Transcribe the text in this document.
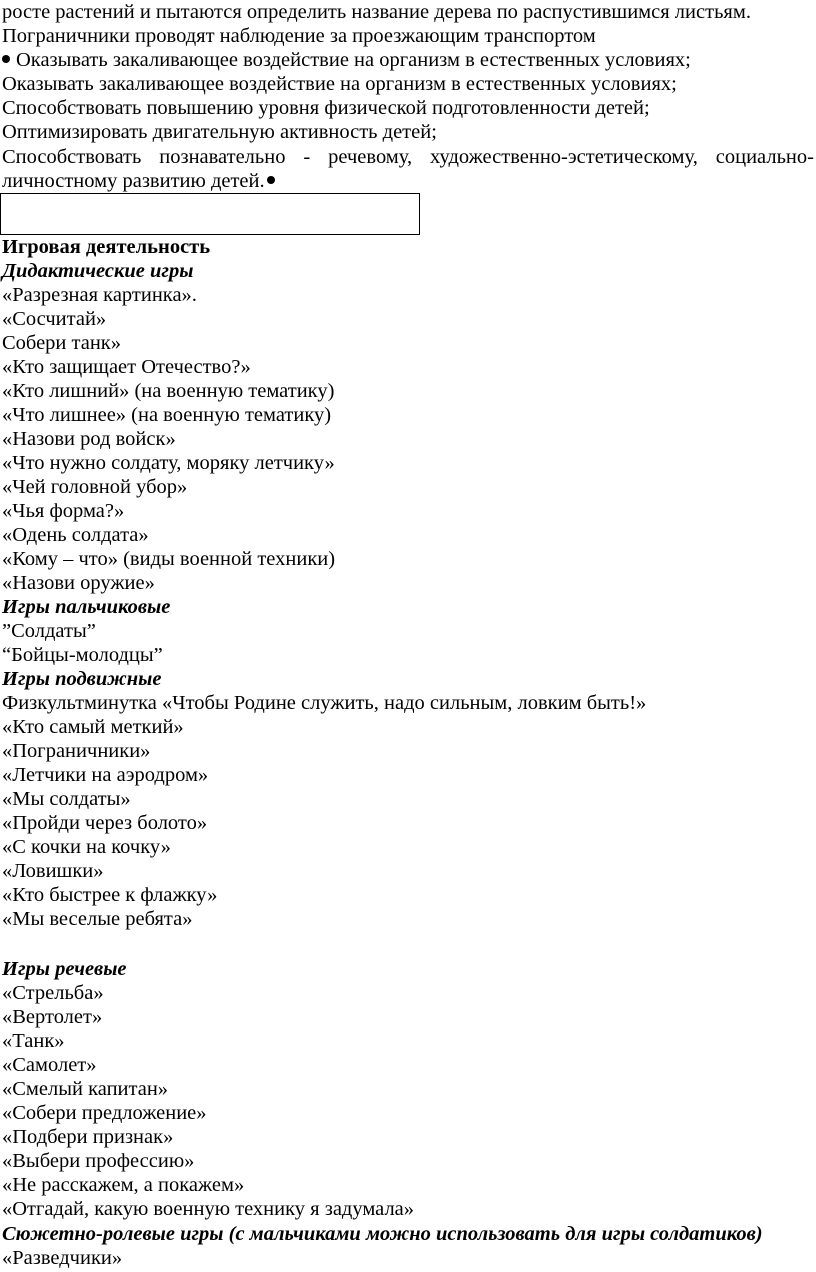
росте растений и пытаются определить название дерева по распустившимся листьям.
Пограничники проводят наблюдение за проезжающим транспортом
Оказывать закаливающее воздействие на организм в естественных условиях;
Оказывать закаливающее воздействие на организм в естественных условиях;
Способствовать повышению уровня физической подготовленности детей;
Оптимизировать двигательную активность детей;
Способствовать познавательно - речевому, художественно-эстетическому, социально-
личностному развитию детей.
Игровая деятельность
Дидактические игры
«Разрезная картинка».
«Сосчитай»
Собери танк»
«Кто защищает Отечество?»
«Кто лишний» (на военную тематику)
«Что лишнее» (на военную тематику)
«Назови род войск»
«Что нужно солдату, моряку летчику»
«Чей головной убор»
«Чья форма?»
«Одень солдата»
«Кому – что» (виды военной техники)
«Назови оружие»
Игры пальчиковые
”Солдаты”
“Бойцы-молодцы”
Игры подвижные
Физкультминутка «Чтобы Родине служить, надо сильным, ловким быть!»
«Кто самый меткий»
«Пограничники»
«Летчики на аэродром»
«Мы солдаты»
«Пройди через болото»
«С кочки на кочку»
«Ловишки»
«Кто быстрее к флажку»
«Мы веселые ребята»
Игры речевые
«Стрельба»
«Вертолет»
«Танк»
«Самолет»
«Смелый капитан»
«Собери предложение»
«Подбери признак»
«Выбери профессию»
«Не расскажем, а покажем»
«Отгадай, какую военную технику я задумала»
Сюжетно-ролевые игры (с мальчиками можно использовать для игры солдатиков)
«Разведчики»
